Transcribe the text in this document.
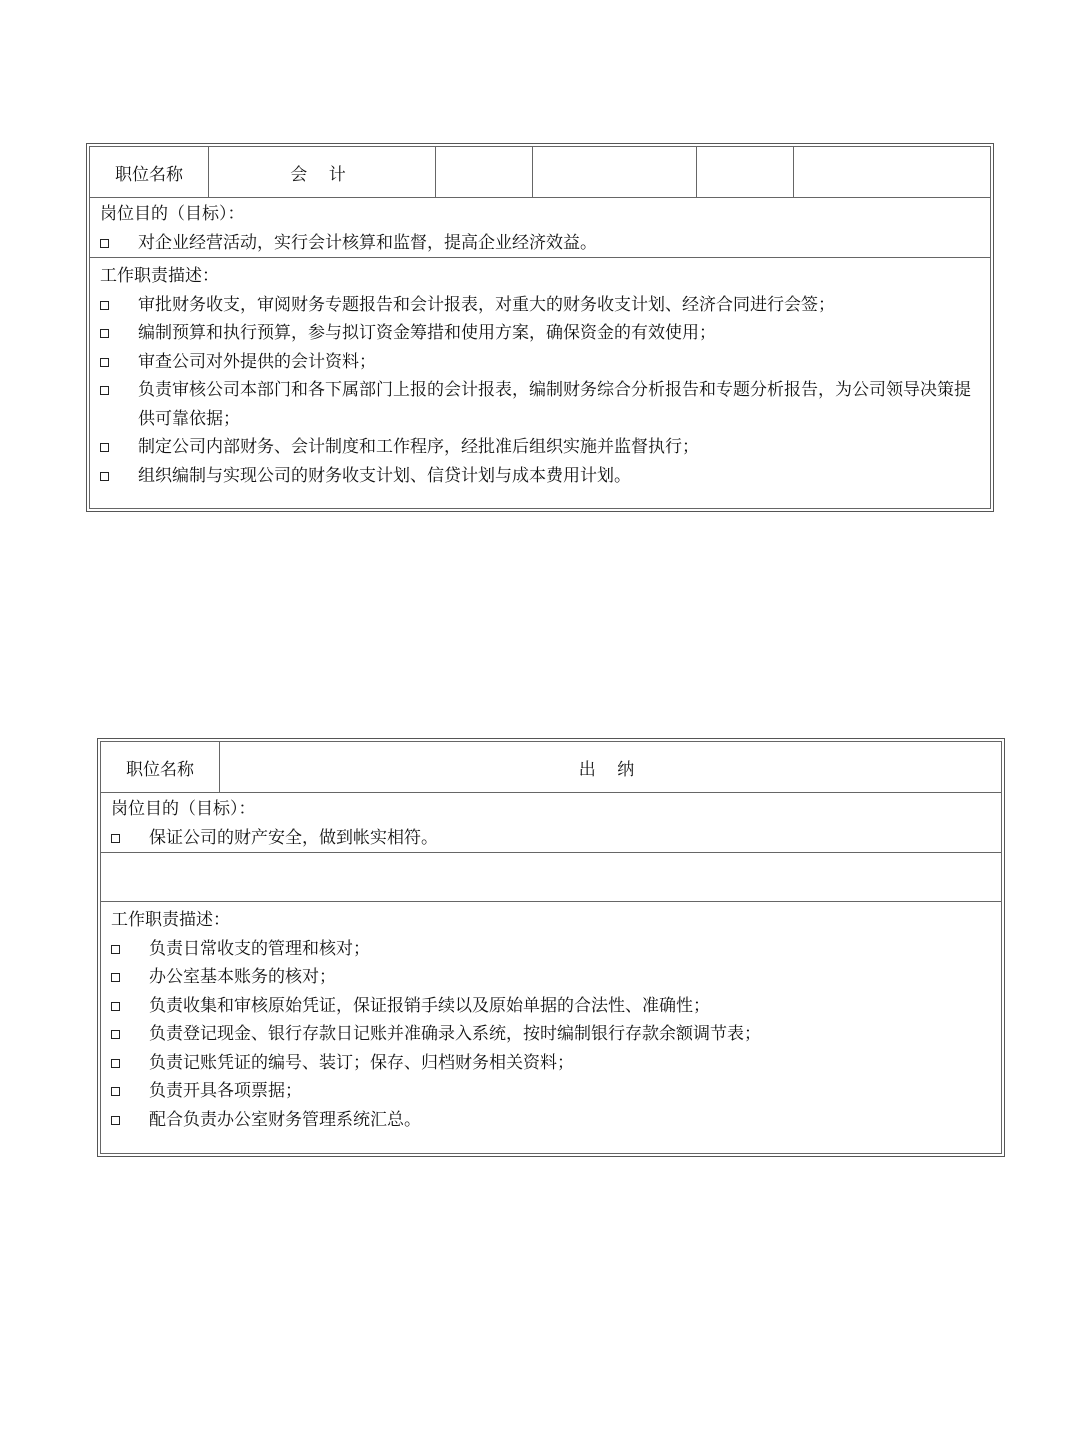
职位名称	会 计
岗位目的（目标）：
对企业经营活动，实行会计核算和监督，提高企业经济效益。
工作职责描述：
审批财务收支，审阅财务专题报告和会计报表，对重大的财务收支计划、经济合同进行会签；
编制预算和执行预算，参与拟订资金筹措和使用方案，确保资金的有效使用；
审查公司对外提供的会计资料；
负责审核公司本部门和各下属部门上报的会计报表，编制财务综合分析报告和专题分析报告，为公司领导决策提供可靠依据；
制定公司内部财务、会计制度和工作程序，经批准后组织实施并监督执行；
组织编制与实现公司的财务收支计划、信贷计划与成本费用计划。
职位名称	出 纳
岗位目的（目标）：
保证公司的财产安全，做到帐实相符。
工作职责描述：
负责日常收支的管理和核对；
办公室基本账务的核对；
负责收集和审核原始凭证，保证报销手续以及原始单据的合法性、准确性；
负责登记现金、银行存款日记账并准确录入系统，按时编制银行存款余额调节表；
负责记账凭证的编号、装订；保存、归档财务相关资料；
负责开具各项票据；
配合负责办公室财务管理系统汇总。
